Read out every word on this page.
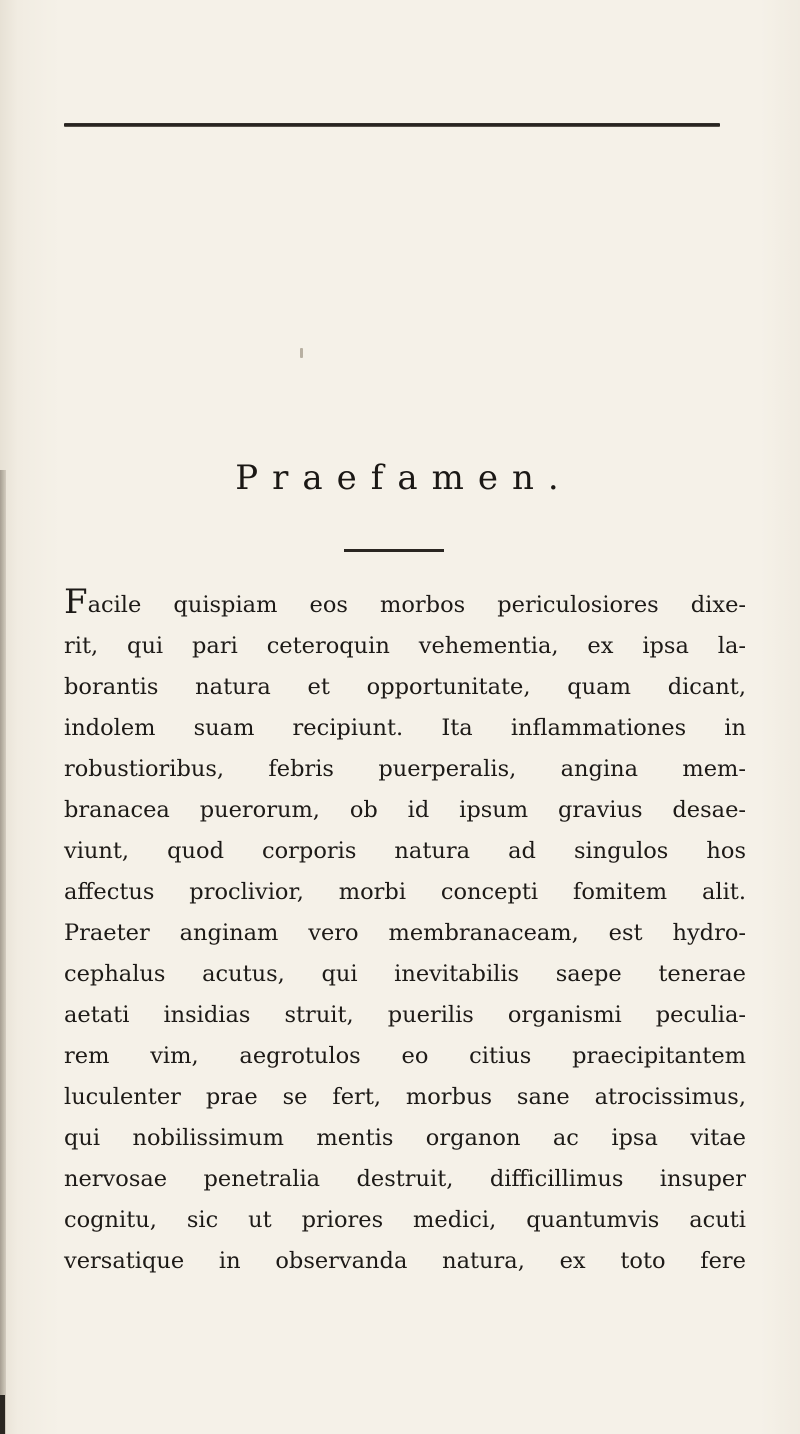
Praefamen.
Facile quispiam eos morbos periculosiores dixe-
rit, qui pari ceteroquin vehementia, ex ipsa la-
borantis natura et opportunitate, quam dicant,
indolem suam recipiunt. Ita inflammationes in
robustioribus, febris puerperalis, angina mem-
branacea puerorum, ob id ipsum gravius desae-
viunt, quod corporis natura ad singulos hos
affectus proclivior, morbi concepti fomitem alit.
Praeter anginam vero membranaceam, est hydro-
cephalus acutus, qui inevitabilis saepe tenerae
aetati insidias struit, puerilis organismi peculia-
rem vim, aegrotulos eo citius praecipitantem
luculenter prae se fert, morbus sane atrocissimus,
qui nobilissimum mentis organon ac ipsa vitae
nervosae penetralia destruit, difficillimus insuper
cognitu, sic ut priores medici, quantumvis acuti
versatique in observanda natura, ex toto fere
